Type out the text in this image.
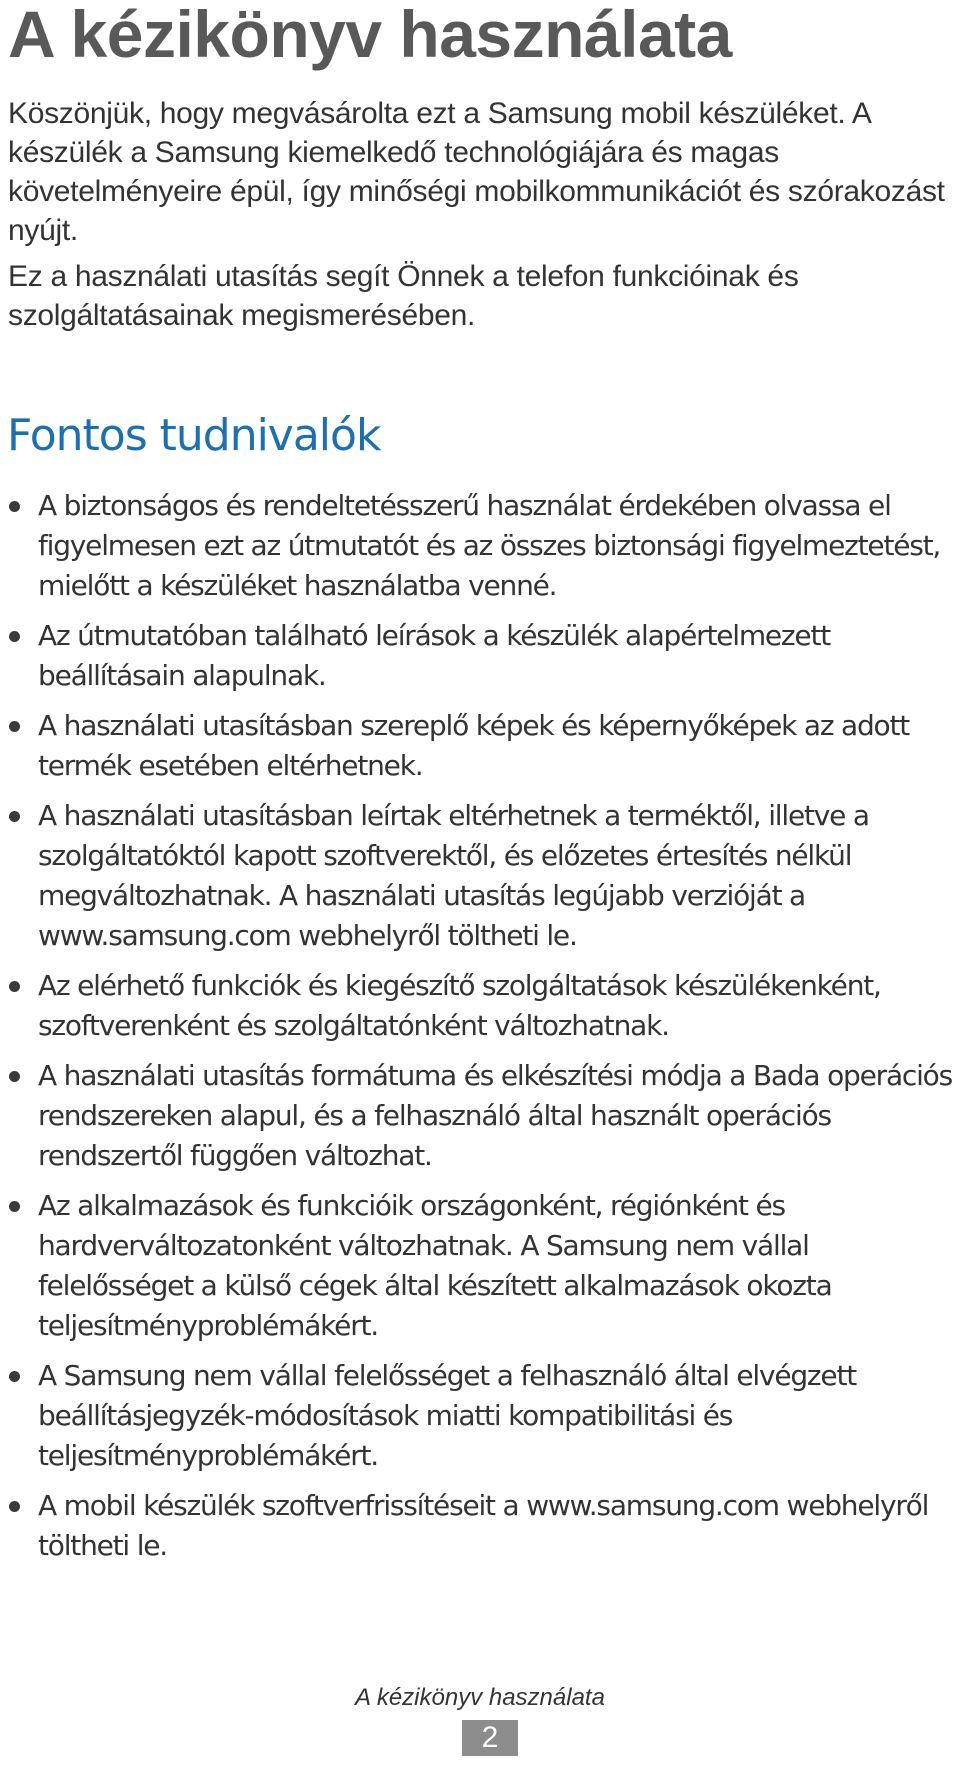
A kézikönyv használata

Köszönjük, hogy megvásárolta ezt a Samsung mobil készüléket. A készülék a Samsung kiemelkedő technológiájára és magas követelményeire épül, így minőségi mobilkommunikációt és szórakozást nyújt.

Ez a használati utasítás segít Önnek a telefon funkcióinak és szolgáltatásainak megismerésében.

Fontos tudnivalók
A biztonságos és rendeltetésszerű használat érdekében olvassa el figyelmesen ezt az útmutatót és az összes biztonsági figyelmeztetést, mielőtt a készüléket használatba venné.
Az útmutatóban található leírások a készülék alapértelmezett beállításain alapulnak.
A használati utasításban szereplő képek és képernyőképek az adott termék esetében eltérhetnek.
A használati utasításban leírtak eltérhetnek a terméktől, illetve a szolgáltatóktól kapott szoftverektől, és előzetes értesítés nélkül megváltozhatnak. A használati utasítás legújabb verzióját a www.samsung.com webhelyről töltheti le.
Az elérhető funkciók és kiegészítő szolgáltatások készülékenként, szoftverenként és szolgáltatónként változhatnak.
A használati utasítás formátuma és elkészítési módja a Bada operációs rendszereken alapul, és a felhasználó által használt operációs rendszertől függően változhat.
Az alkalmazások és funkcióik országonként, régiónként és hardverváltozatonként változhatnak. A Samsung nem vállal felelősséget a külső cégek által készített alkalmazások okozta teljesítményproblémákért.
A Samsung nem vállal felelősséget a felhasználó által elvégzett beállításjegyzék-módosítások miatti kompatibilitási és teljesítményproblémákért.
A mobil készülék szoftverfrissítéseit a www.samsung.com webhelyről töltheti le.
A kézikönyv használata
2
